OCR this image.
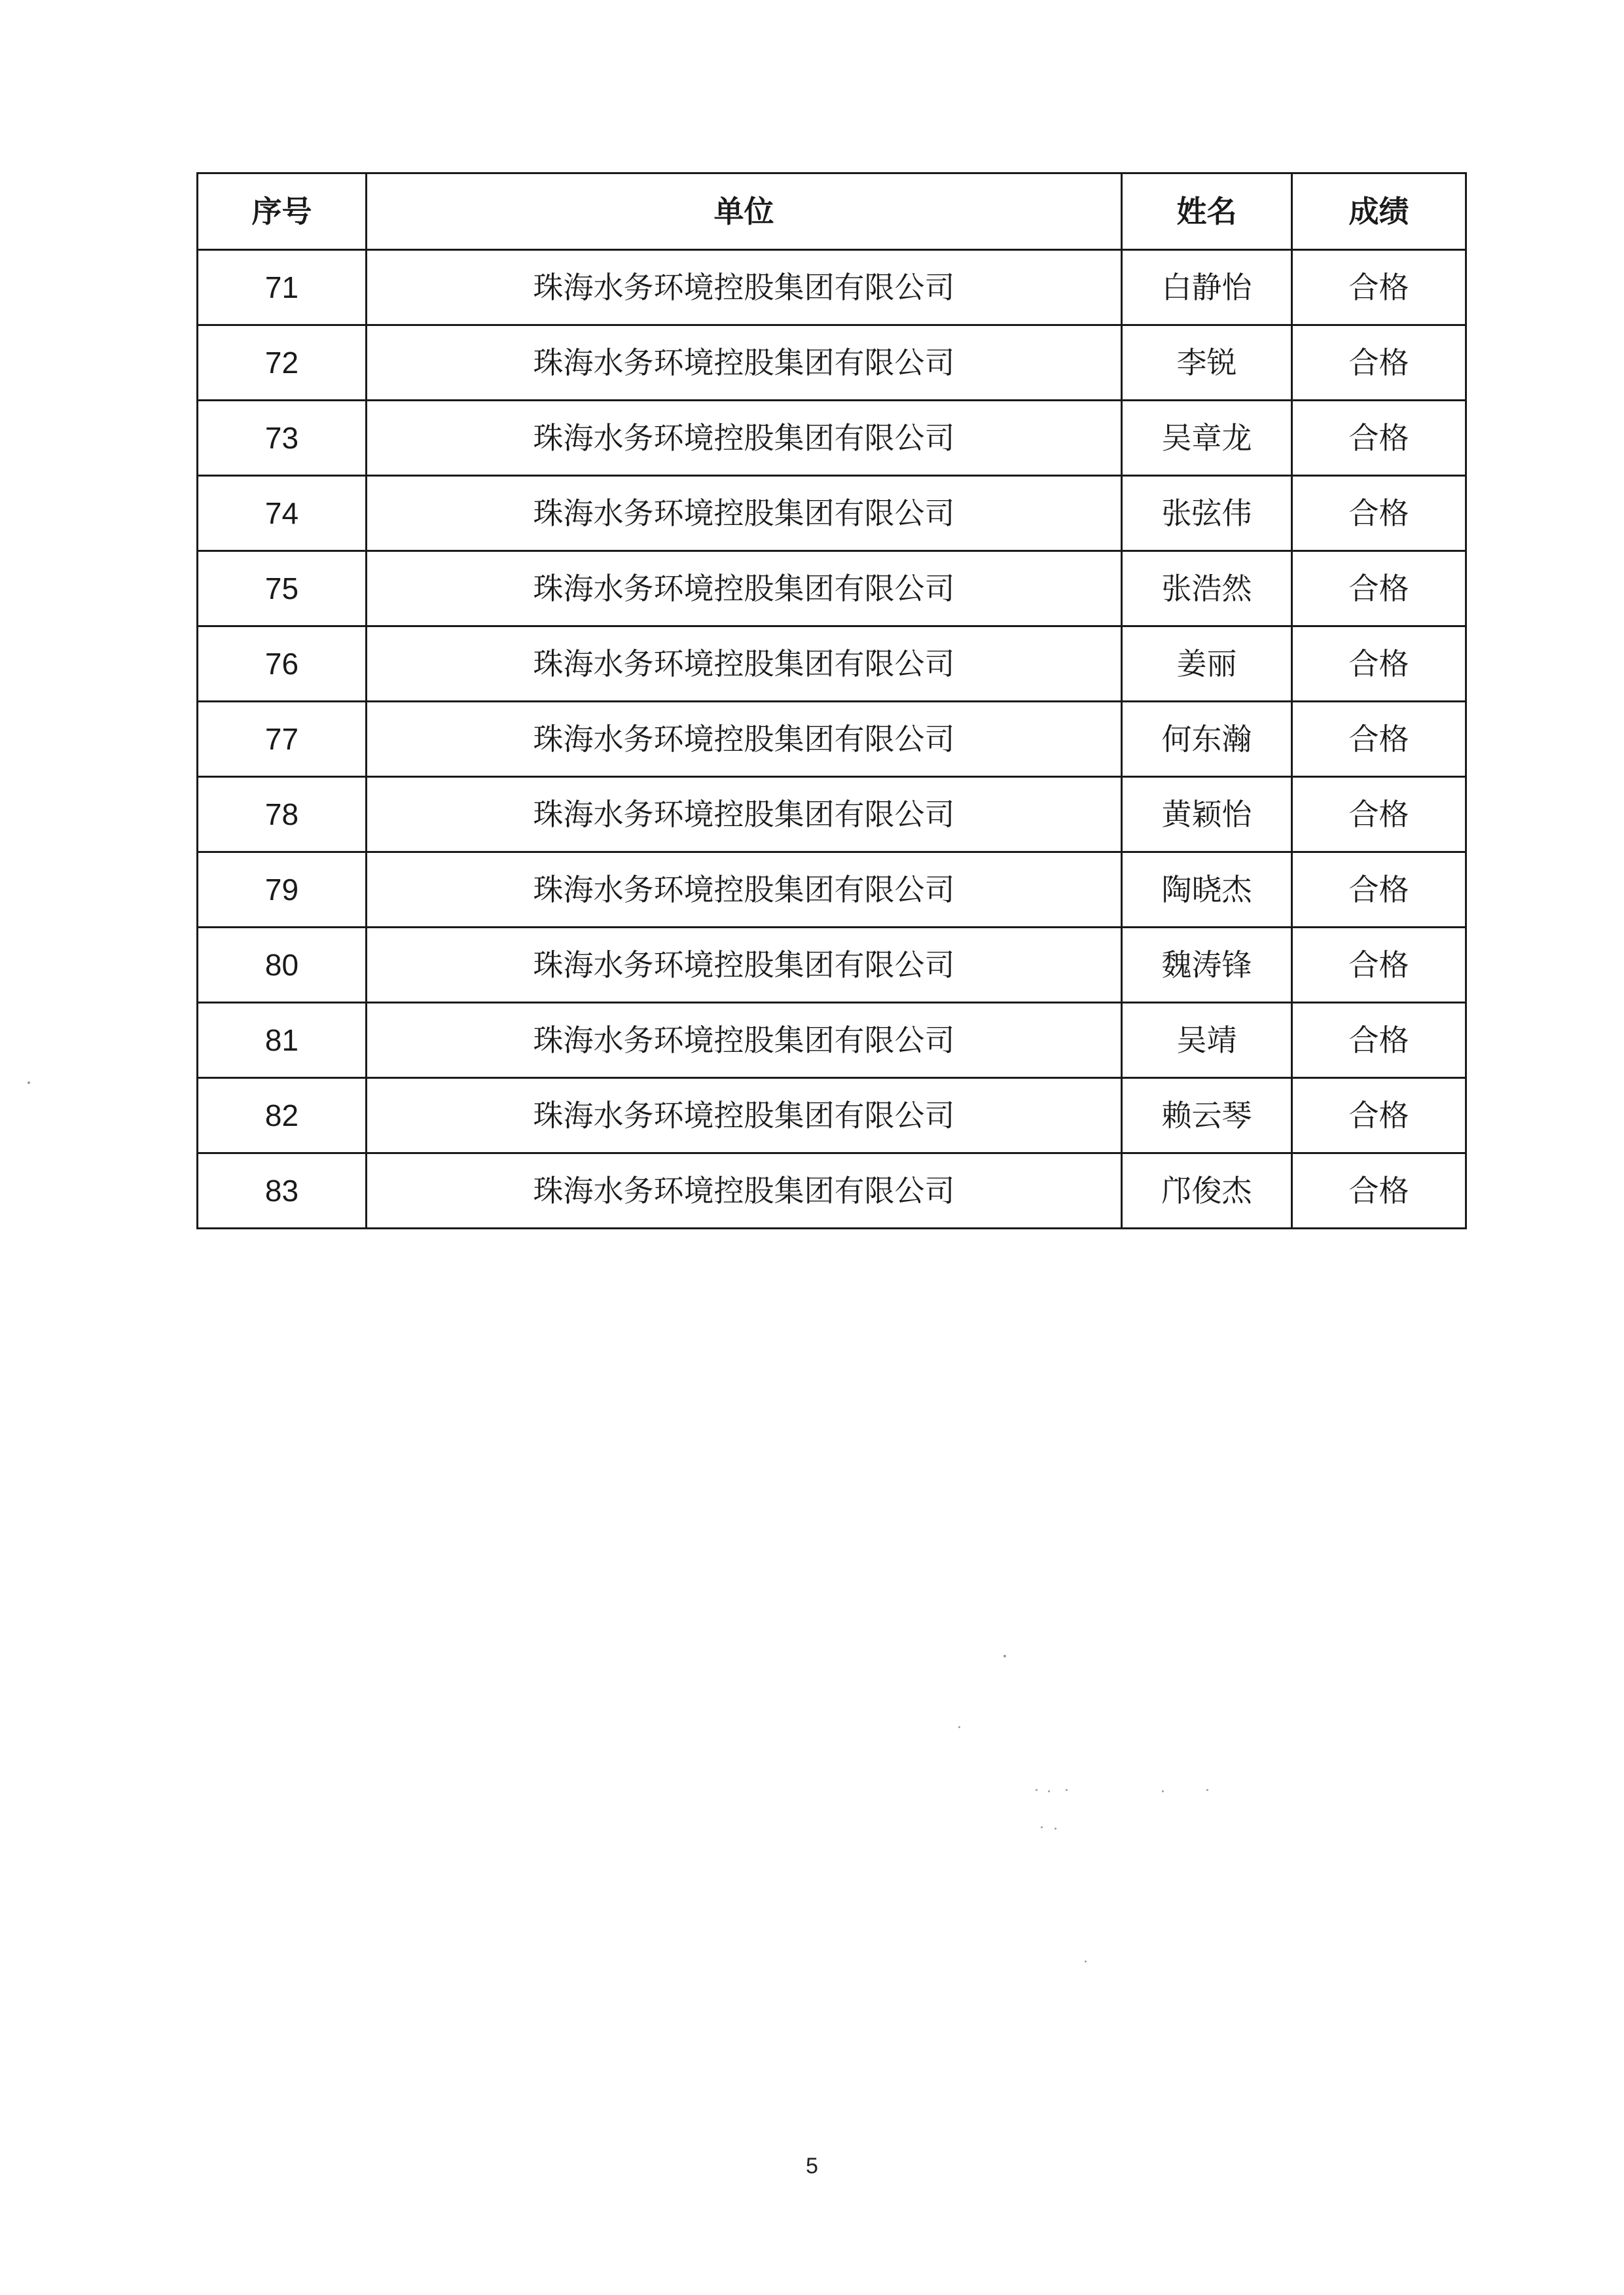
序号	单位	姓名	成绩
71	珠海水务环境控股集团有限公司	白静怡	合格
72	珠海水务环境控股集团有限公司	李锐	合格
73	珠海水务环境控股集团有限公司	吴章龙	合格
74	珠海水务环境控股集团有限公司	张弦伟	合格
75	珠海水务环境控股集团有限公司	张浩然	合格
76	珠海水务环境控股集团有限公司	姜丽	合格
77	珠海水务环境控股集团有限公司	何东瀚	合格
78	珠海水务环境控股集团有限公司	黄颖怡	合格
79	珠海水务环境控股集团有限公司	陶晓杰	合格
80	珠海水务环境控股集团有限公司	魏涛锋	合格
81	珠海水务环境控股集团有限公司	吴靖	合格
82	珠海水务环境控股集团有限公司	赖云琴	合格
83	珠海水务环境控股集团有限公司	邝俊杰	合格
5
